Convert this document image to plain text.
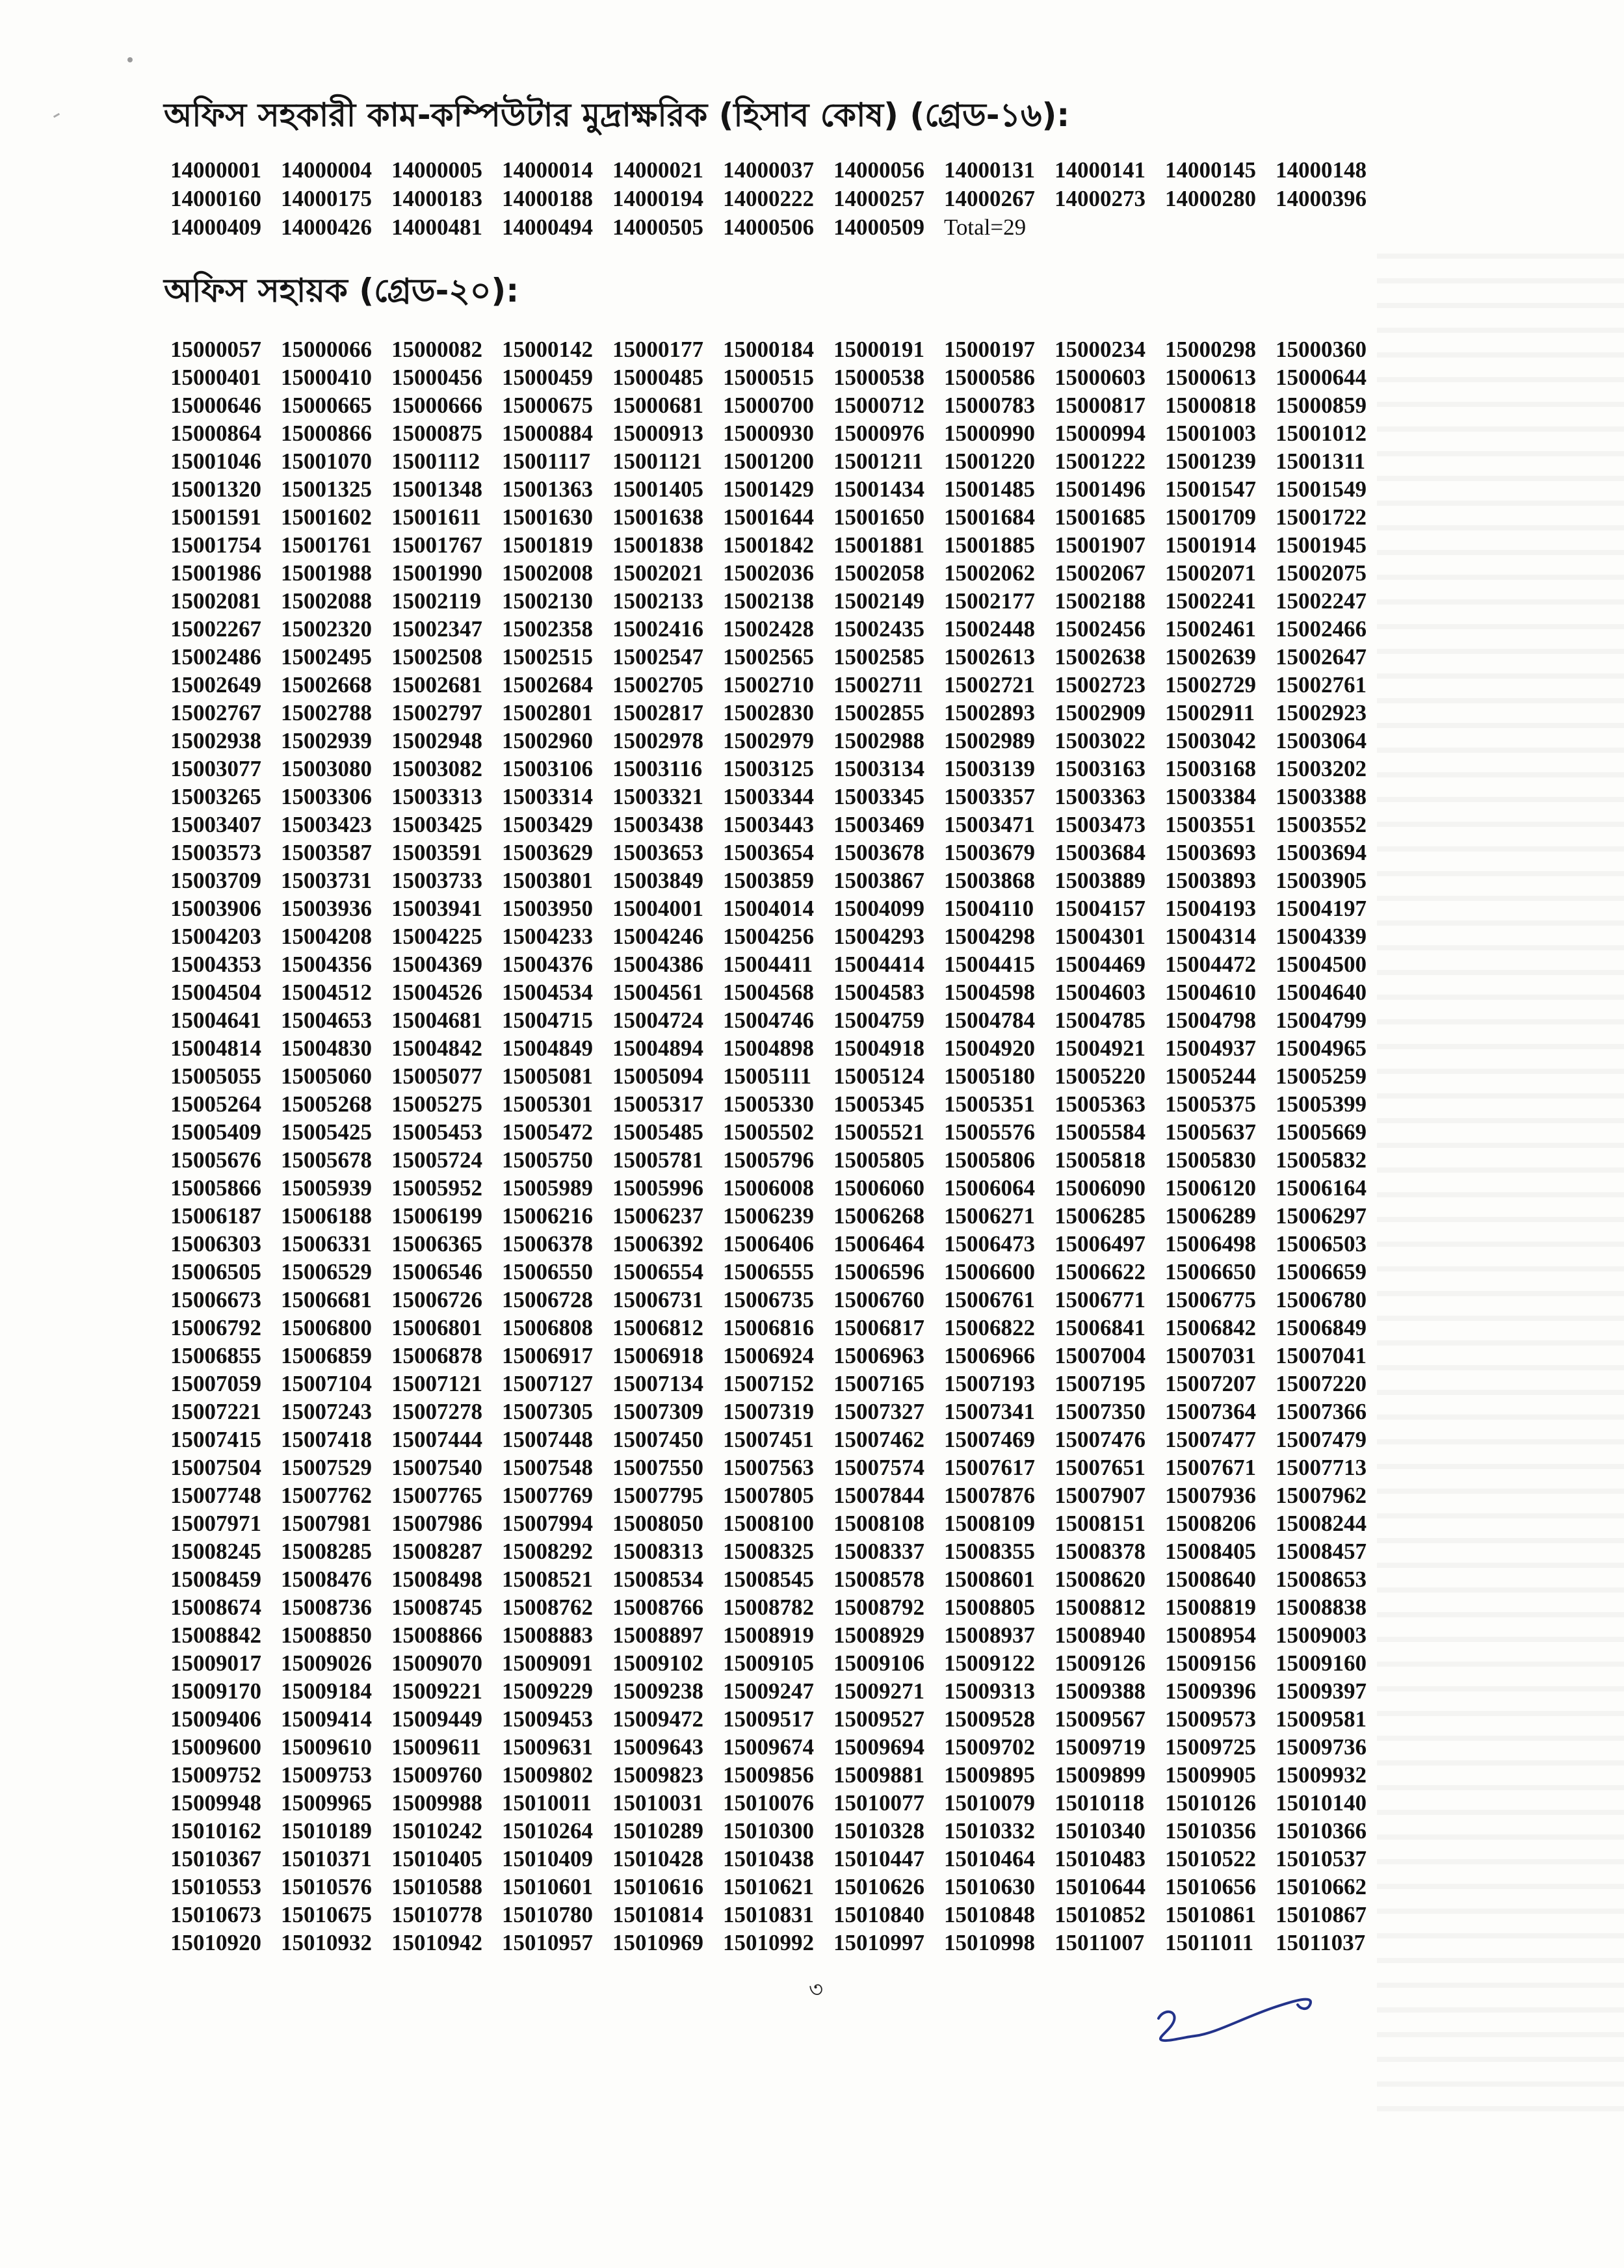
অফিস সহকারী কাম-কম্পিউটার মুদ্রাক্ষরিক (হিসাব কোষ) (গ্রেড-১৬):
14000001 14000004 14000005 14000014 14000021 14000037 14000056 14000131 14000141 14000145 14000148
14000160 14000175 14000183 14000188 14000194 14000222 14000257 14000267 14000273 14000280 14000396
14000409 14000426 14000481 14000494 14000505 14000506 14000509 Total=29
অফিস সহায়ক (গ্রেড-২০):
15000057 15000066 15000082 15000142 15000177 15000184 15000191 15000197 15000234 15000298 15000360
15000401 15000410 15000456 15000459 15000485 15000515 15000538 15000586 15000603 15000613 15000644
15000646 15000665 15000666 15000675 15000681 15000700 15000712 15000783 15000817 15000818 15000859
15000864 15000866 15000875 15000884 15000913 15000930 15000976 15000990 15000994 15001003 15001012
15001046 15001070 15001112 15001117 15001121 15001200 15001211 15001220 15001222 15001239 15001311
15001320 15001325 15001348 15001363 15001405 15001429 15001434 15001485 15001496 15001547 15001549
15001591 15001602 15001611 15001630 15001638 15001644 15001650 15001684 15001685 15001709 15001722
15001754 15001761 15001767 15001819 15001838 15001842 15001881 15001885 15001907 15001914 15001945
15001986 15001988 15001990 15002008 15002021 15002036 15002058 15002062 15002067 15002071 15002075
15002081 15002088 15002119 15002130 15002133 15002138 15002149 15002177 15002188 15002241 15002247
15002267 15002320 15002347 15002358 15002416 15002428 15002435 15002448 15002456 15002461 15002466
15002486 15002495 15002508 15002515 15002547 15002565 15002585 15002613 15002638 15002639 15002647
15002649 15002668 15002681 15002684 15002705 15002710 15002711 15002721 15002723 15002729 15002761
15002767 15002788 15002797 15002801 15002817 15002830 15002855 15002893 15002909 15002911 15002923
15002938 15002939 15002948 15002960 15002978 15002979 15002988 15002989 15003022 15003042 15003064
15003077 15003080 15003082 15003106 15003116 15003125 15003134 15003139 15003163 15003168 15003202
15003265 15003306 15003313 15003314 15003321 15003344 15003345 15003357 15003363 15003384 15003388
15003407 15003423 15003425 15003429 15003438 15003443 15003469 15003471 15003473 15003551 15003552
15003573 15003587 15003591 15003629 15003653 15003654 15003678 15003679 15003684 15003693 15003694
15003709 15003731 15003733 15003801 15003849 15003859 15003867 15003868 15003889 15003893 15003905
15003906 15003936 15003941 15003950 15004001 15004014 15004099 15004110 15004157 15004193 15004197
15004203 15004208 15004225 15004233 15004246 15004256 15004293 15004298 15004301 15004314 15004339
15004353 15004356 15004369 15004376 15004386 15004411 15004414 15004415 15004469 15004472 15004500
15004504 15004512 15004526 15004534 15004561 15004568 15004583 15004598 15004603 15004610 15004640
15004641 15004653 15004681 15004715 15004724 15004746 15004759 15004784 15004785 15004798 15004799
15004814 15004830 15004842 15004849 15004894 15004898 15004918 15004920 15004921 15004937 15004965
15005055 15005060 15005077 15005081 15005094 15005111 15005124 15005180 15005220 15005244 15005259
15005264 15005268 15005275 15005301 15005317 15005330 15005345 15005351 15005363 15005375 15005399
15005409 15005425 15005453 15005472 15005485 15005502 15005521 15005576 15005584 15005637 15005669
15005676 15005678 15005724 15005750 15005781 15005796 15005805 15005806 15005818 15005830 15005832
15005866 15005939 15005952 15005989 15005996 15006008 15006060 15006064 15006090 15006120 15006164
15006187 15006188 15006199 15006216 15006237 15006239 15006268 15006271 15006285 15006289 15006297
15006303 15006331 15006365 15006378 15006392 15006406 15006464 15006473 15006497 15006498 15006503
15006505 15006529 15006546 15006550 15006554 15006555 15006596 15006600 15006622 15006650 15006659
15006673 15006681 15006726 15006728 15006731 15006735 15006760 15006761 15006771 15006775 15006780
15006792 15006800 15006801 15006808 15006812 15006816 15006817 15006822 15006841 15006842 15006849
15006855 15006859 15006878 15006917 15006918 15006924 15006963 15006966 15007004 15007031 15007041
15007059 15007104 15007121 15007127 15007134 15007152 15007165 15007193 15007195 15007207 15007220
15007221 15007243 15007278 15007305 15007309 15007319 15007327 15007341 15007350 15007364 15007366
15007415 15007418 15007444 15007448 15007450 15007451 15007462 15007469 15007476 15007477 15007479
15007504 15007529 15007540 15007548 15007550 15007563 15007574 15007617 15007651 15007671 15007713
15007748 15007762 15007765 15007769 15007795 15007805 15007844 15007876 15007907 15007936 15007962
15007971 15007981 15007986 15007994 15008050 15008100 15008108 15008109 15008151 15008206 15008244
15008245 15008285 15008287 15008292 15008313 15008325 15008337 15008355 15008378 15008405 15008457
15008459 15008476 15008498 15008521 15008534 15008545 15008578 15008601 15008620 15008640 15008653
15008674 15008736 15008745 15008762 15008766 15008782 15008792 15008805 15008812 15008819 15008838
15008842 15008850 15008866 15008883 15008897 15008919 15008929 15008937 15008940 15008954 15009003
15009017 15009026 15009070 15009091 15009102 15009105 15009106 15009122 15009126 15009156 15009160
15009170 15009184 15009221 15009229 15009238 15009247 15009271 15009313 15009388 15009396 15009397
15009406 15009414 15009449 15009453 15009472 15009517 15009527 15009528 15009567 15009573 15009581
15009600 15009610 15009611 15009631 15009643 15009674 15009694 15009702 15009719 15009725 15009736
15009752 15009753 15009760 15009802 15009823 15009856 15009881 15009895 15009899 15009905 15009932
15009948 15009965 15009988 15010011 15010031 15010076 15010077 15010079 15010118 15010126 15010140
15010162 15010189 15010242 15010264 15010289 15010300 15010328 15010332 15010340 15010356 15010366
15010367 15010371 15010405 15010409 15010428 15010438 15010447 15010464 15010483 15010522 15010537
15010553 15010576 15010588 15010601 15010616 15010621 15010626 15010630 15010644 15010656 15010662
15010673 15010675 15010778 15010780 15010814 15010831 15010840 15010848 15010852 15010861 15010867
15010920 15010932 15010942 15010957 15010969 15010992 15010997 15010998 15011007 15011011 15011037
৩
